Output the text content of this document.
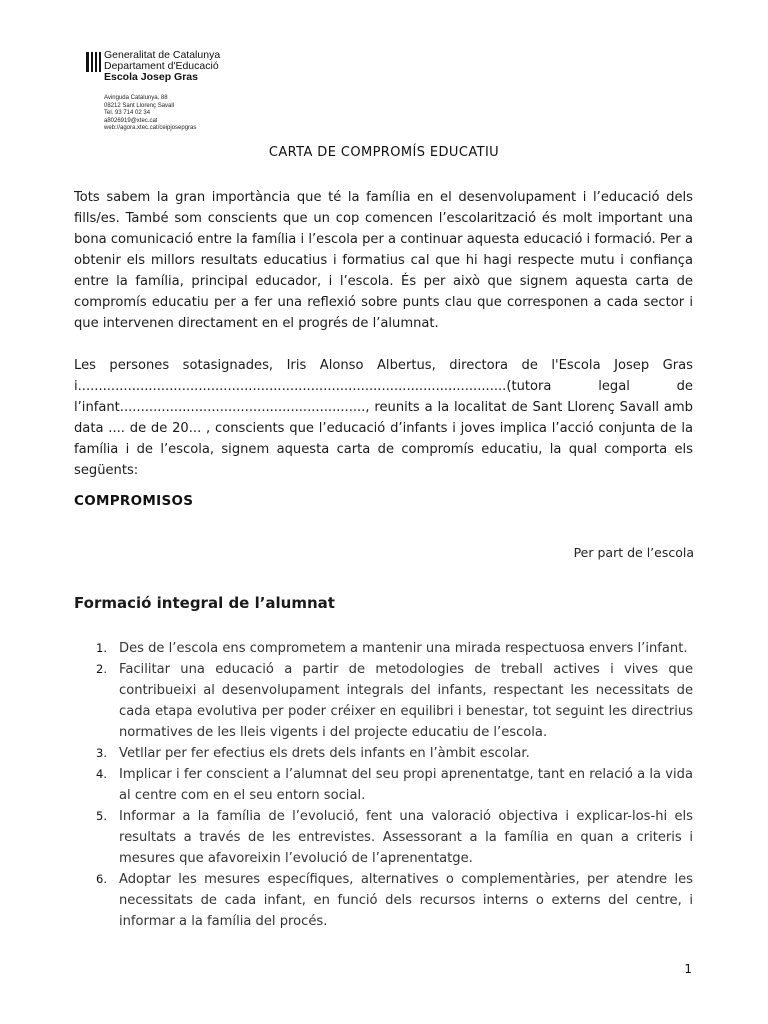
Generalitat de Catalunya
Departament d'Educació
Escola Josep Gras
Avinguda Catalunya, 88
08212 Sant Llorenç Savall
Tel. 93 714 02 34
a8026919@xtec.cat
web://agora.xtec.cat/ceipjosepgras
CARTA DE COMPROMÍS EDUCATIU

Tots sabem la gran importància que té la família en el desenvolupament i l’educació dels fills/es. També som conscients que un cop comencen l’escolarització és molt important una bona comunicació entre la família i l’escola per a continuar aquesta educació i formació. Per a obtenir els millors resultats educatius i formatius cal que hi hagi respecte mutu i confiança entre la família, principal educador, i l’escola. És per això que signem aquesta carta de compromís educatiu per a fer una reflexió sobre punts clau que corresponen a cada sector i que intervenen directament en el progrés de l’alumnat.

Les persones sotasignades, Iris Alonso Albertus, directora de l'Escola Josep Gras i.......................................................................................................(tutora legal de l’infant..........................................................., reunits a la localitat de Sant Llorenç Savall amb data .... de de 20... , conscients que l’educació d’infants i joves implica l’acció conjunta de la família i de l’escola, signem aquesta carta de compromís educatiu, la qual comporta els següents:

COMPROMISOS
Per part de l’escola
Formació integral de l’alumnat
1. Des de l’escola ens comprometem a mantenir una mirada respectuosa envers l’infant.
2. Facilitar una educació a partir de metodologies de treball actives i vives que contribueixi al desenvolupament integrals del infants, respectant les necessitats de cada etapa evolutiva per poder créixer en equilibri i benestar, tot seguint les directrius normatives de les lleis vigents i del projecte educatiu de l’escola.
3. Vetllar per fer efectius els drets dels infants en l’àmbit escolar.
4. Implicar i fer conscient a l’alumnat del seu propi aprenentatge, tant en relació a la vida al centre com en el seu entorn social.
5. Informar a la família de l’evolució, fent una valoració objectiva i explicar-los-hi els resultats a través de les entrevistes. Assessorant a la família en quan a criteris i mesures que afavoreixin l’evolució de l’aprenentatge.
6. Adoptar les mesures específiques, alternatives o complementàries, per atendre les necessitats de cada infant, en funció dels recursos interns o externs del centre, i informar a la família del procés.
1
